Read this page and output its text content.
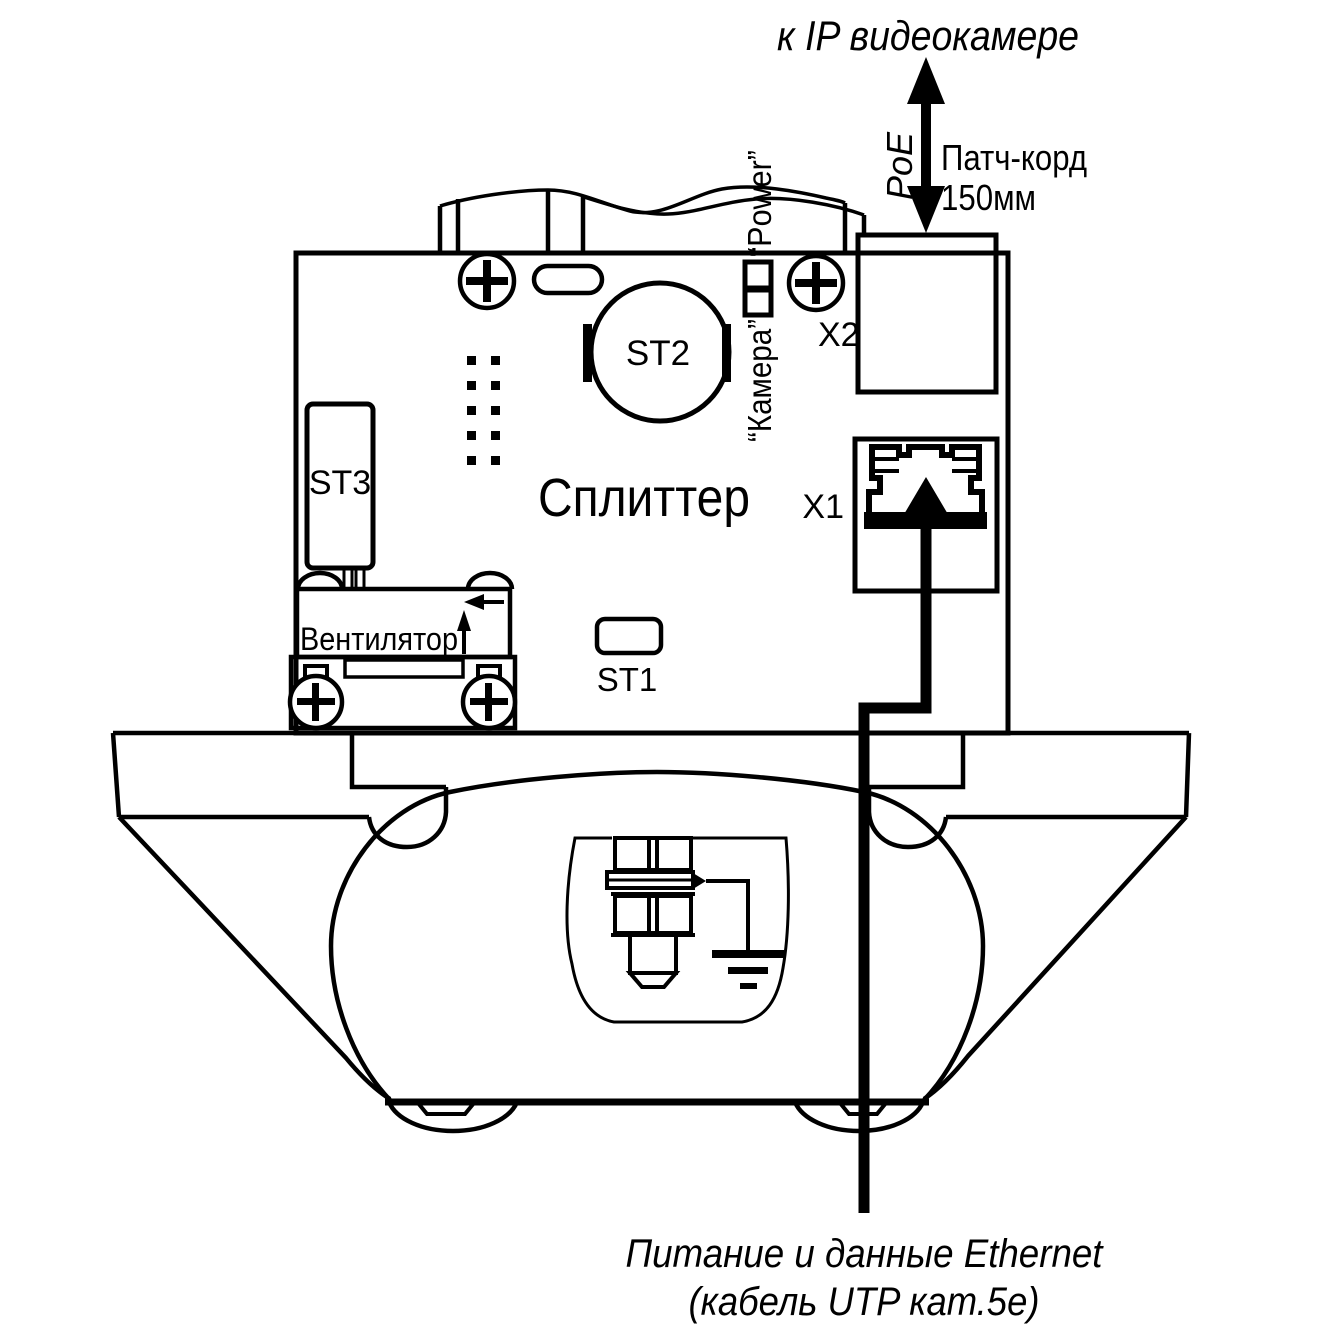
к IP видеокамере
PoE Патч-корд
150мм
“Power”
“Камера” X2
X1
ST2
ST3	Сплиттер
Вентилятор
ST1
Питание и данные Ethernet
(кабель UTP кат.5е)
